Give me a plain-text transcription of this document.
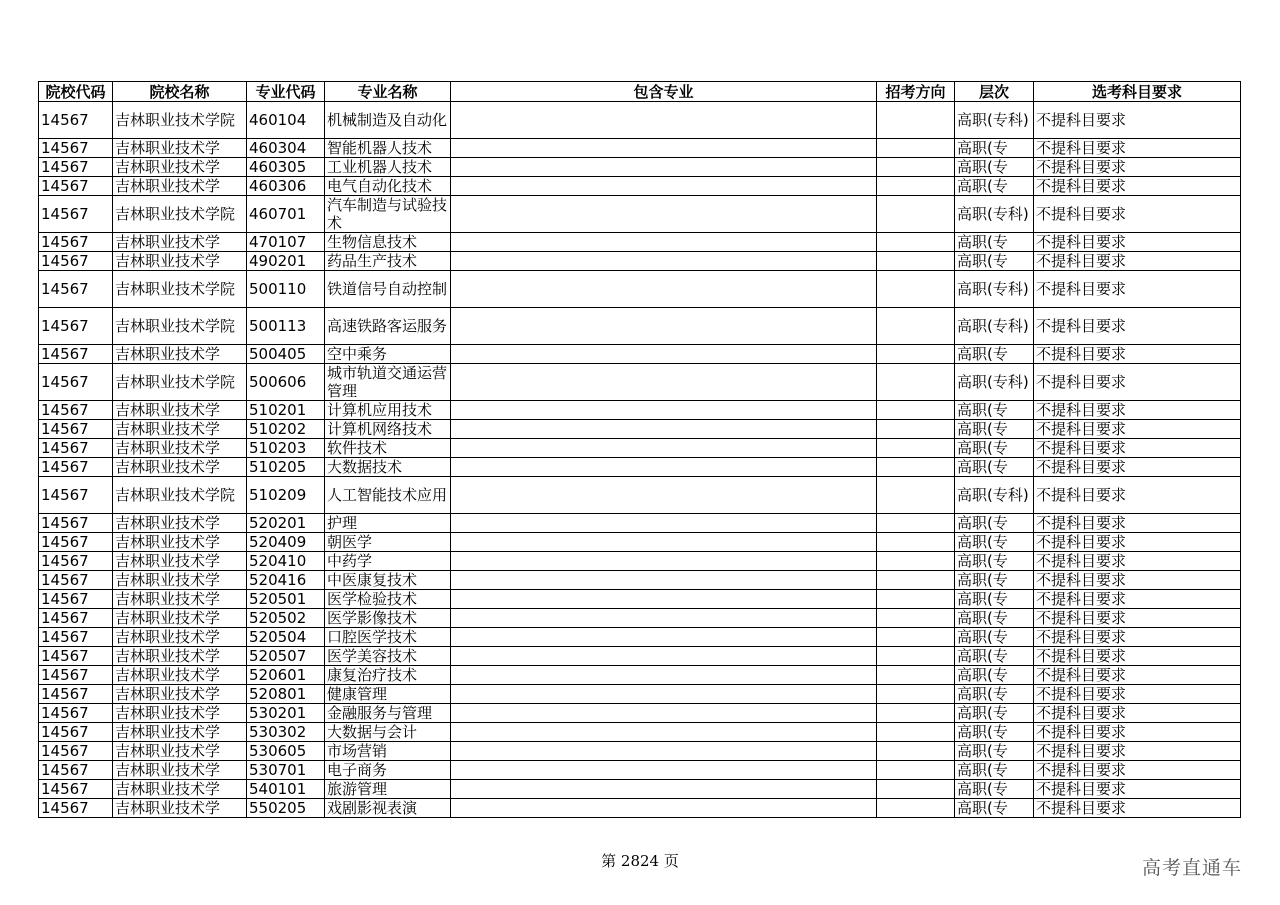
院校代码	院校名称	专业代码	专业名称	包含专业	招考方向	层次	选考科目要求
14567	吉林职业技术学院	460104	机械制造及自动化			高职(专科)	不提科目要求
14567	吉林职业技术学	460304	智能机器人技术			高职(专	不提科目要求
14567	吉林职业技术学	460305	工业机器人技术			高职(专	不提科目要求
14567	吉林职业技术学	460306	电气自动化技术			高职(专	不提科目要求
14567	吉林职业技术学院	460701	汽车制造与试验技术			高职(专科)	不提科目要求
14567	吉林职业技术学	470107	生物信息技术			高职(专	不提科目要求
14567	吉林职业技术学	490201	药品生产技术			高职(专	不提科目要求
14567	吉林职业技术学院	500110	铁道信号自动控制			高职(专科)	不提科目要求
14567	吉林职业技术学院	500113	高速铁路客运服务			高职(专科)	不提科目要求
14567	吉林职业技术学	500405	空中乘务			高职(专	不提科目要求
14567	吉林职业技术学院	500606	城市轨道交通运营管理			高职(专科)	不提科目要求
14567	吉林职业技术学	510201	计算机应用技术			高职(专	不提科目要求
14567	吉林职业技术学	510202	计算机网络技术			高职(专	不提科目要求
14567	吉林职业技术学	510203	软件技术			高职(专	不提科目要求
14567	吉林职业技术学	510205	大数据技术			高职(专	不提科目要求
14567	吉林职业技术学院	510209	人工智能技术应用			高职(专科)	不提科目要求
14567	吉林职业技术学	520201	护理			高职(专	不提科目要求
14567	吉林职业技术学	520409	朝医学			高职(专	不提科目要求
14567	吉林职业技术学	520410	中药学			高职(专	不提科目要求
14567	吉林职业技术学	520416	中医康复技术			高职(专	不提科目要求
14567	吉林职业技术学	520501	医学检验技术			高职(专	不提科目要求
14567	吉林职业技术学	520502	医学影像技术			高职(专	不提科目要求
14567	吉林职业技术学	520504	口腔医学技术			高职(专	不提科目要求
14567	吉林职业技术学	520507	医学美容技术			高职(专	不提科目要求
14567	吉林职业技术学	520601	康复治疗技术			高职(专	不提科目要求
14567	吉林职业技术学	520801	健康管理			高职(专	不提科目要求
14567	吉林职业技术学	530201	金融服务与管理			高职(专	不提科目要求
14567	吉林职业技术学	530302	大数据与会计			高职(专	不提科目要求
14567	吉林职业技术学	530605	市场营销			高职(专	不提科目要求
14567	吉林职业技术学	530701	电子商务			高职(专	不提科目要求
14567	吉林职业技术学	540101	旅游管理			高职(专	不提科目要求
14567	吉林职业技术学	550205	戏剧影视表演			高职(专	不提科目要求
第 2824 页	高考直通车
